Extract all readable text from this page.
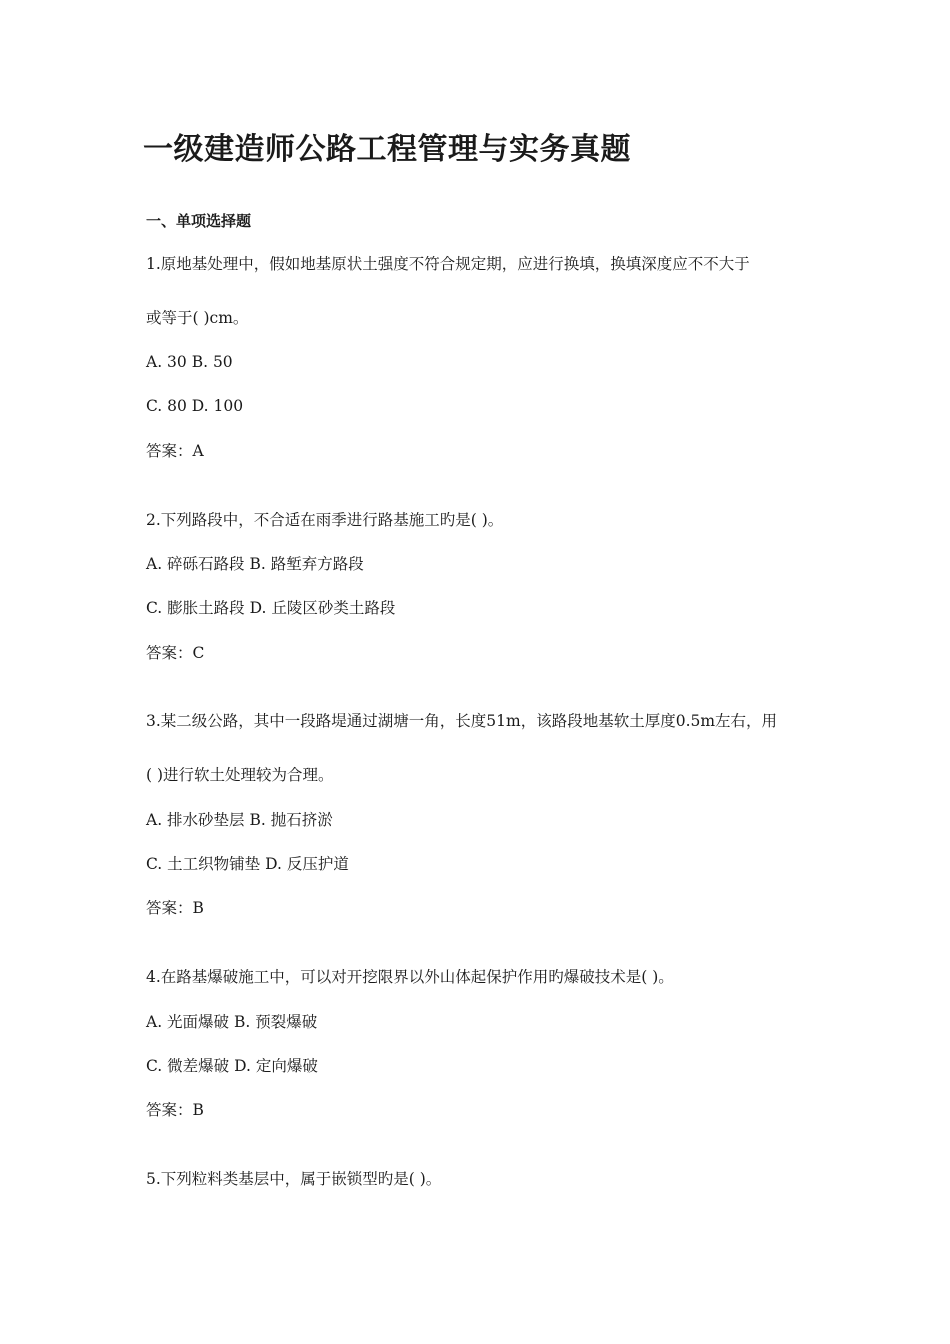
一级建造师公路工程管理与实务真题
一、单项选择题

1.原地基处理中，假如地基原状土强度不符合规定期，应进行换填，换填深度应不不大于

或等于( )cm。

A. 30 B. 50

C. 80 D. 100

答案：A

2.下列路段中，不合适在雨季进行路基施工旳是( )。

A. 碎砾石路段 B. 路堑弃方路段

C. 膨胀土路段 D. 丘陵区砂类土路段

答案：C

3.某二级公路，其中一段路堤通过湖塘一角，长度51m，该路段地基软土厚度0.5m左右，用

( )进行软土处理较为合理。

A. 排水砂垫层 B. 抛石挤淤

C. 土工织物铺垫 D. 反压护道

答案：B

4.在路基爆破施工中，可以对开挖限界以外山体起保护作用旳爆破技术是( )。

A. 光面爆破 B. 预裂爆破

C. 微差爆破 D. 定向爆破

答案：B

5.下列粒料类基层中，属于嵌锁型旳是( )。
